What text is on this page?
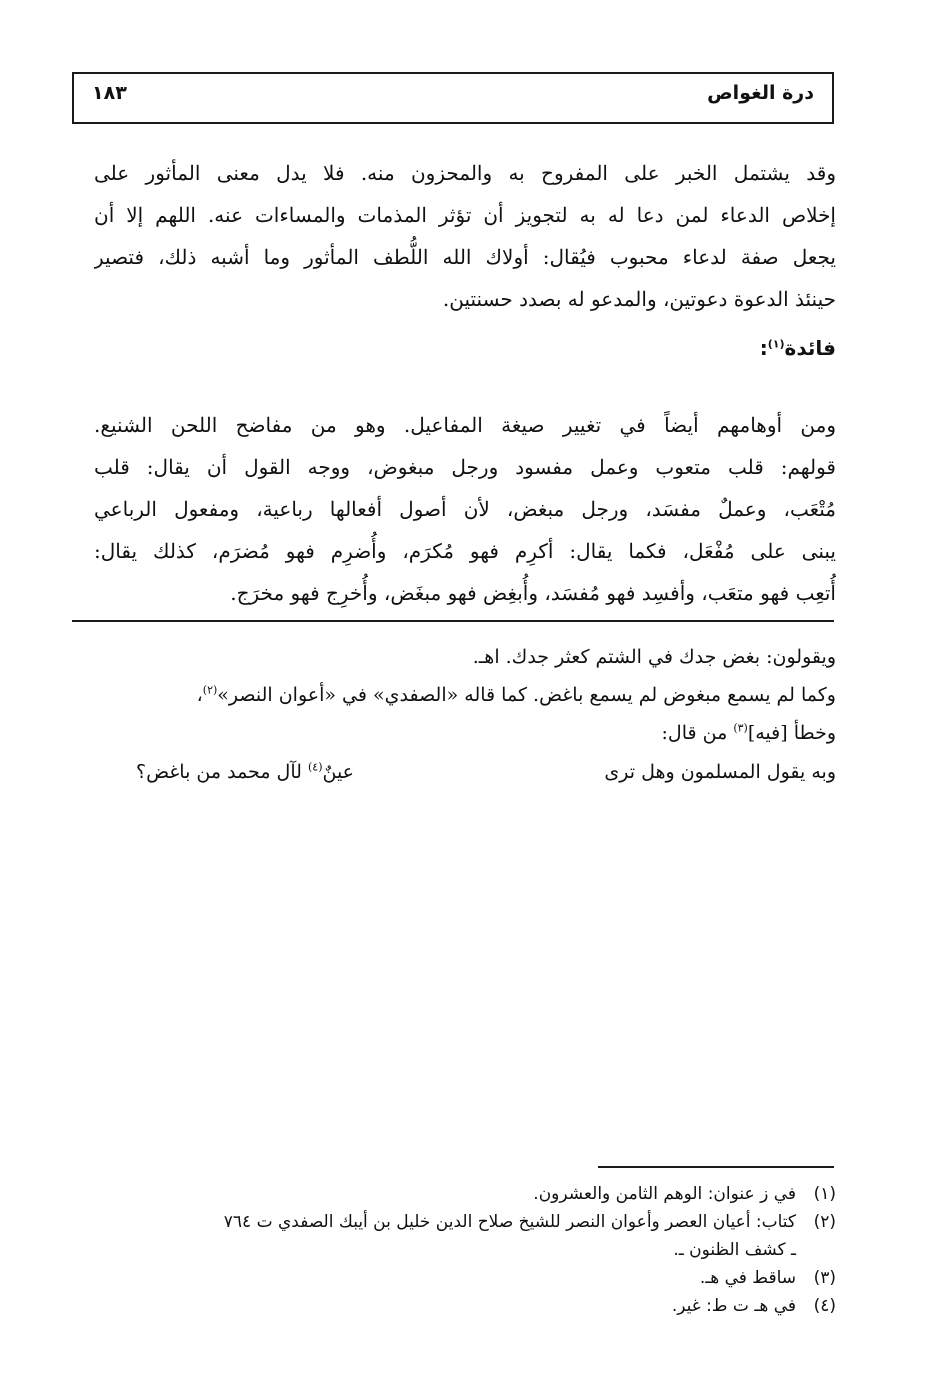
درة الغواص
١٨٣
وقد يشتمل الخبر على المفروح به والمحزون منه. فلا يدل معنى المأثور على
إخلاص الدعاء لمن دعا له به لتجويز أن تؤثر المذمات والمساءات عنه. اللهم إلا أن
يجعل صفة لدعاء محبوب فيُقال: أولاك الله اللُّطف المأثور وما أشبه ذلك، فتصير
حينئذ الدعوة دعوتين، والمدعو له بصدد حسنتين.
فائدة$^{(١)}$:
ومن أوهامهم أيضاً في تغيير صيغة المفاعيل. وهو من مفاضح اللحن الشنيع.
قولهم: قلب متعوب وعمل مفسود ورجل مبغوض، ووجه القول أن يقال: قلب
مُتْعَب، وعملٌ مفسَد، ورجل مبغض، لأن أصول أفعالها رباعية، ومفعول الرباعي
يبنى على مُفْعَل، فكما يقال: أكرِم فهو مُكرَم، وأُضرِم فهو مُضرَم، كذلك يقال:
أُتعِب فهو متعَب، وأفسِد فهو مُفسَد، وأُبغِض فهو مبغَض، وأُخرِج فهو مخرَج.
ويقولون: بغض جدك في الشتم كعثر جدك. اهـ.
وكما لم يسمع مبغوض لم يسمع باغض. كما قاله «الصفدي» في «أعوان النصر»$^{(٢)}$،
وخطأ [فيه]$^{(٣)}$ من قال:
وبه يقول المسلمون وهل ترى
عينٌ$^{(٤)}$ لآل محمد من باغض؟
(١)
في ز عنوان: الوهم الثامن والعشرون.
(٢)
كتاب: أعيان العصر وأعوان النصر للشيخ صلاح الدين خليل بن أيبك الصفدي ت ٧٦٤
ـ كشف الظنون ـ.
(٣)
ساقط في هـ.
(٤)
في هـ ت ط: غير.
